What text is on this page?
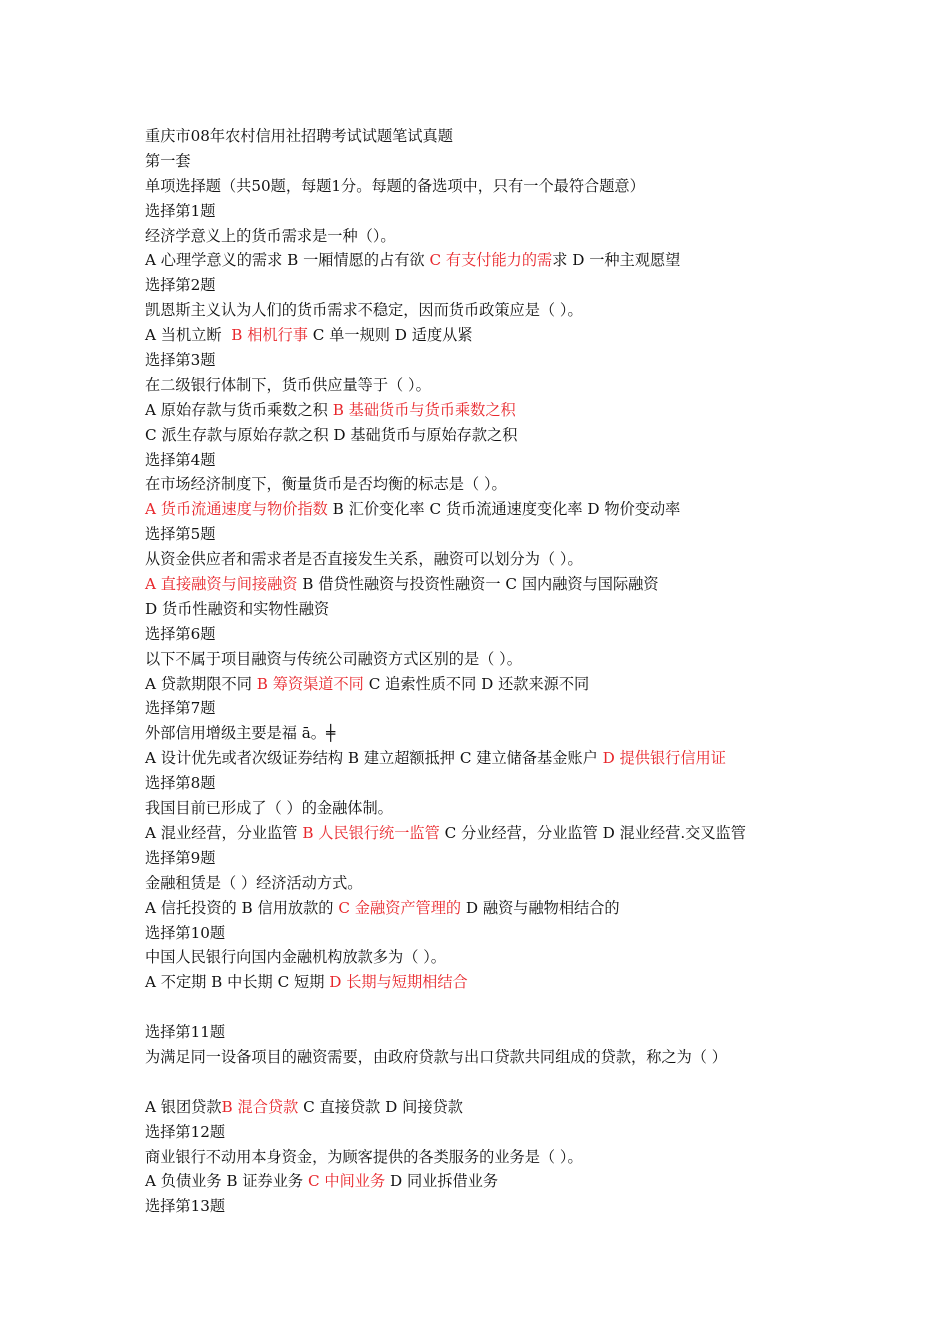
重庆市08年农村信用社招聘考试试题笔试真题
第一套
单项选择题（共50题，每题1分。每题的备选项中，只有一个最符合题意）
选择第1题
经济学意义上的货币需求是一种（）。
A 心理学意义的需求 B 一厢情愿的占有欲 C 有支付能力的需求 D 一种主观愿望
选择第2题
凯恩斯主义认为人们的货币需求不稳定，因而货币政策应是（ ）。
A 当机立断  B 相机行事 C 单一规则 D 适度从紧
选择第3题
在二级银行体制下，货币供应量等于（ ）。
A 原始存款与货币乘数之积 B 基础货币与货币乘数之积
C 派生存款与原始存款之积 D 基础货币与原始存款之积
选择第4题
在市场经济制度下，衡量货币是否均衡的标志是（ ）。
A 货币流通速度与物价指数 B 汇价变化率 C 货币流通速度变化率 D 物价变动率
选择第5题
从资金供应者和需求者是否直接发生关系，融资可以划分为（ ）。
A 直接融资与间接融资 B 借贷性融资与投资性融资一 C 国内融资与国际融资
D 货币性融资和实物性融资
选择第6题
以下不属于项目融资与传统公司融资方式区别的是（ ）。
A 贷款期限不同 B 筹资渠道不同 C 追索性质不同 D 还款来源不同
选择第7题
外部信用增级主要是福 ā。╪
A 设计优先或者次级证券结构 B 建立超额抵押 C 建立储备基金账户 D 提供银行信用证
选择第8题
我国目前已形成了（ ）的金融体制。
A 混业经营，分业监管 B 人民银行统一监管 C 分业经营，分业监管 D 混业经营.交叉监管
选择第9题
金融租赁是（ ）经济活动方式。
A 信托投资的 B 信用放款的 C 金融资产管理的 D 融资与融物相结合的
选择第10题
中国人民银行向国内金融机构放款多为（ ）。
A 不定期 B 中长期 C 短期 D 长期与短期相结合
选择第11题
为满足同一设备项目的融资需要，由政府贷款与出口贷款共同组成的贷款，称之为（ ）
A 银团贷款B 混合贷款 C 直接贷款 D 间接贷款
选择第12题
商业银行不动用本身资金，为顾客提供的各类服务的业务是（ ）。
A 负债业务 B 证券业务 C 中间业务 D 同业拆借业务
选择第13题
